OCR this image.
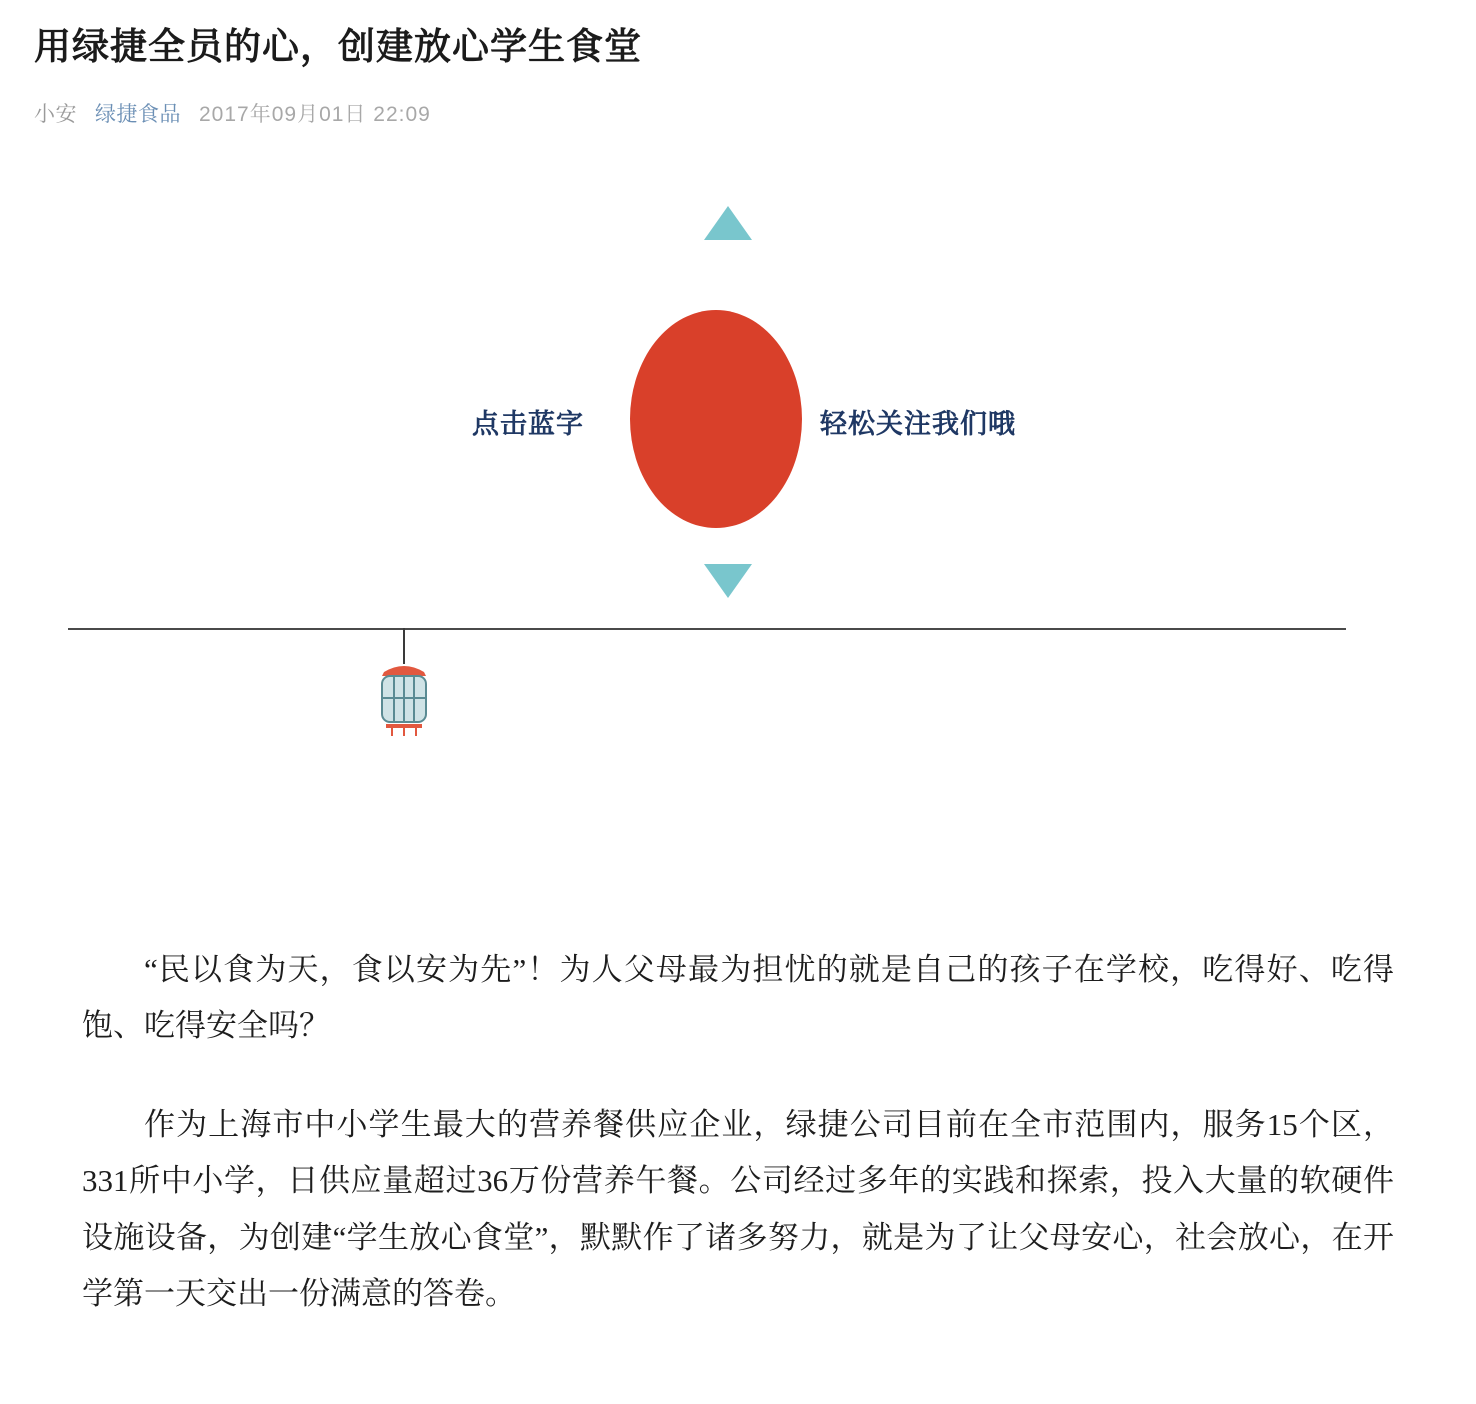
用绿捷全员的心，创建放心学生食堂
小安 绿捷食品 2017年09月01日 22:09
点击蓝字	轻松关注我们哦

“民以食为天，食以安为先”！为人父母最为担忧的就是自己的孩子在学校，吃得好、吃得饱、吃得安全吗？

作为上海市中小学生最大的营养餐供应企业，绿捷公司目前在全市范围内，服务15个区，331所中小学，日供应量超过36万份营养午餐。公司经过多年的实践和探索，投入大量的软硬件设施设备，为创建“学生放心食堂”，默默作了诸多努力，就是为了让父母安心，社会放心，在开学第一天交出一份满意的答卷。
